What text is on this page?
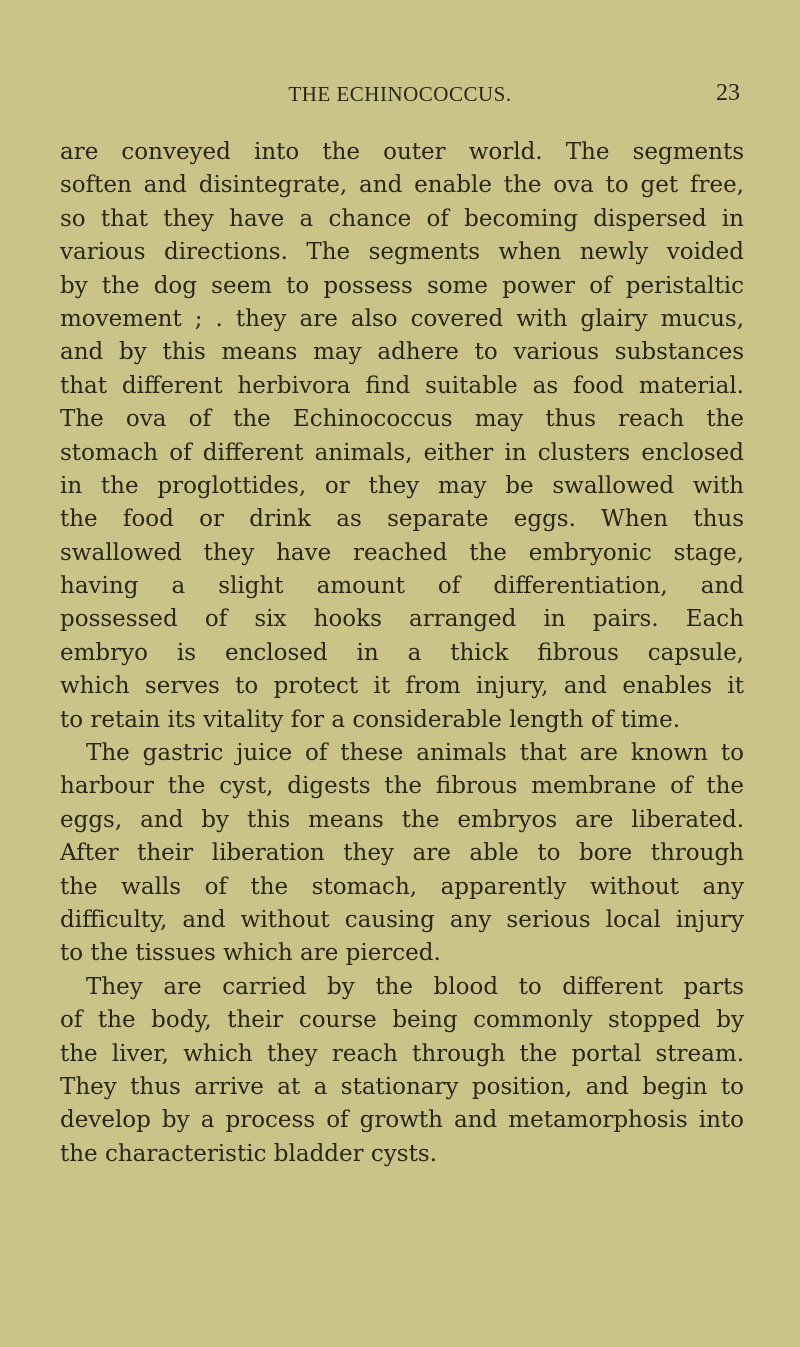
THE ECHINOCOCCUS.	23
are conveyed into the outer world. The segments
soften and disintegrate, and enable the ova to get free,
so that they have a chance of becoming dispersed in
various directions. The segments when newly voided
by the dog seem to possess some power of peristaltic
movement ; . they are also covered with glairy mucus,
and by this means may adhere to various substances
that different herbivora find suitable as food material.
The ova of the Echinococcus may thus reach the
stomach of different animals, either in clusters enclosed
in the proglottides, or they may be swallowed with
the food or drink as separate eggs. When thus
swallowed they have reached the embryonic stage,
having a slight amount of differentiation, and
possessed of six hooks arranged in pairs. Each
embryo is enclosed in a thick fibrous capsule,
which serves to protect it from injury, and enables it
to retain its vitality for a considerable length of time.
The gastric juice of these animals that are known to
harbour the cyst, digests the fibrous membrane of the
eggs, and by this means the embryos are liberated.
After their liberation they are able to bore through
the walls of the stomach, apparently without any
difficulty, and without causing any serious local injury
to the tissues which are pierced.
They are carried by the blood to different parts
of the body, their course being commonly stopped by
the liver, which they reach through the portal stream.
They thus arrive at a stationary position, and begin to
develop by a process of growth and metamorphosis into
the characteristic bladder cysts.
